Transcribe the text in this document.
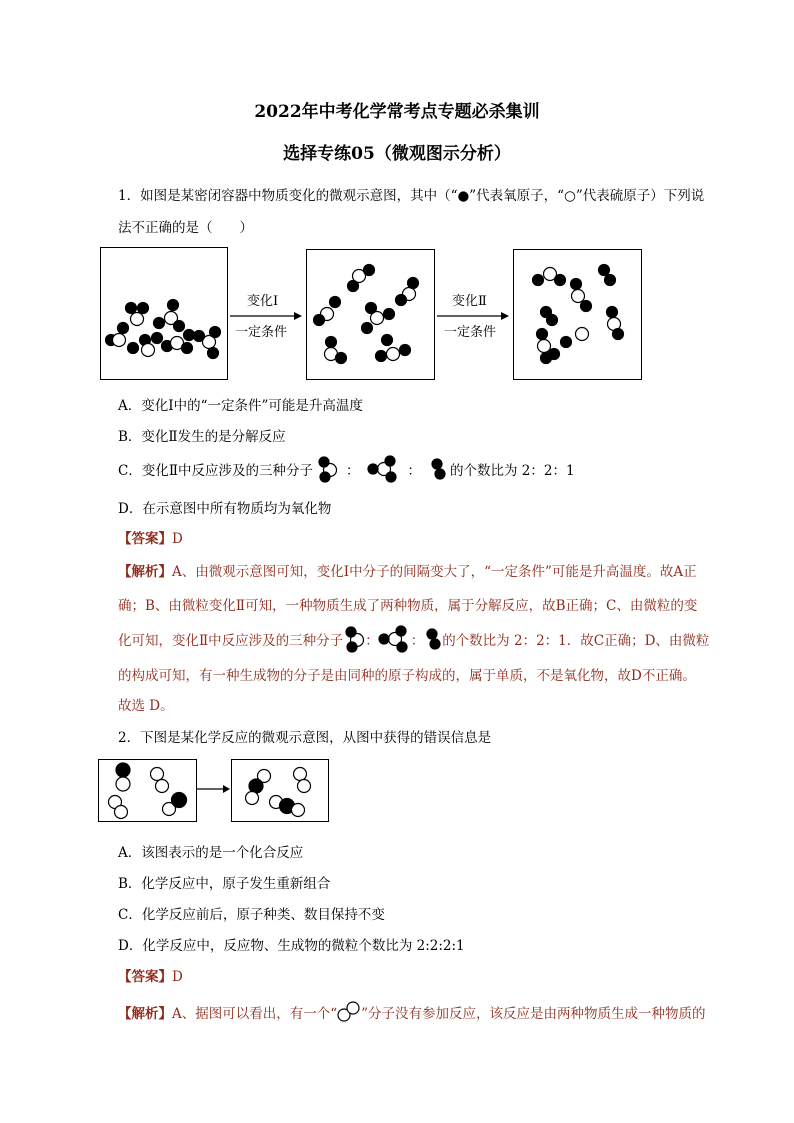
2022年中考化学常考点专题必杀集训
选择专练05（微观图示分析）
1．如图是某密闭容器中物质变化的微观示意图，其中（“●”代表氧原子，“○”代表硫原子）下列说
法不正确的是（　　）
变化Ⅰ
一定条件
变化Ⅱ
一定条件
A．变化Ⅰ中的“一定条件”可能是升高温度
B．变化Ⅱ发生的是分解反应
C．变化Ⅱ中反应涉及的三种分子 ：	： 的个数比为 2：2：1
D．在示意图中所有物质均为氧化物
【答案】D
【解析】A、由微观示意图可知，变化Ⅰ中分子的间隔变大了，“一定条件”可能是升高温度。故A正
确；B、由微粒变化Ⅱ可知，一种物质生成了两种物质，属于分解反应，故B正确；C、由微粒的变
化可知，变化Ⅱ中反应涉及的三种分子 ： ： 的个数比为 2：2：1．故C正确；D、由微粒
的构成可知，有一种生成物的分子是由同种的原子构成的，属于单质，不是氧化物，故D不正确。
故选 D。
2．下图是某化学反应的微观示意图，从图中获得的错误信息是
A．该图表示的是一个化合反应
B．化学反应中，原子发生重新组合
C．化学反应前后，原子种类、数目保持不变
D．化学反应中，反应物、生成物的微粒个数比为 2:2:2:1
【答案】D
【解析】 A、据图可以看出，有一个“ ”分子没有参加反应，该反应是由两种物质生成一种物质的
